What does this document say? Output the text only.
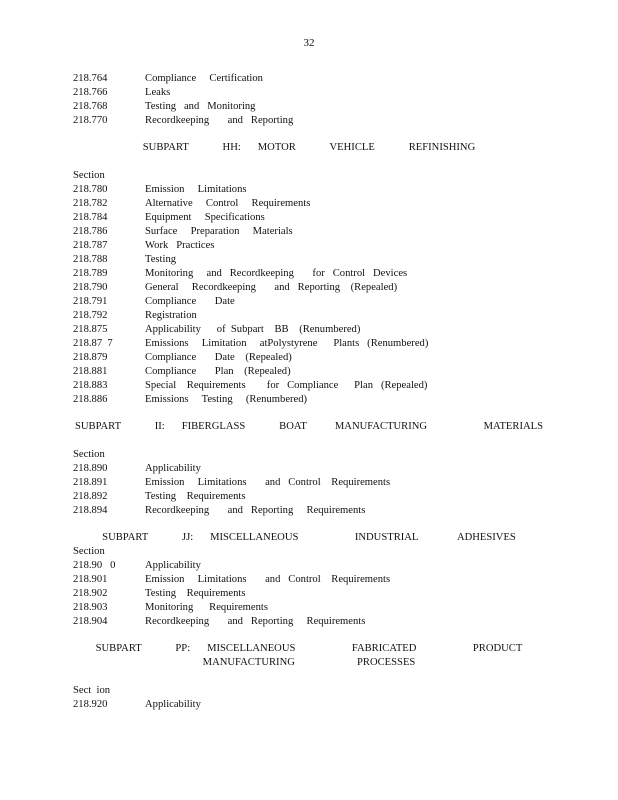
32
218.764	Compliance     Certification
218.766	Leaks
218.768	Testing   and   Monitoring
218.770	Recordkeeping       and   Reporting
SUBPART      HH:   MOTOR      VEHICLE      REFINISHING
Section
218.780	Emission     Limitations
218.782	Alternative     Control     Requirements
218.784	Equipment     Specifications
218.786	Surface     Preparation     Materials
218.787	Work   Practices
218.788	Testing
218.789	Monitoring     and   Recordkeeping       for   Control   Devices
218.790	General     Recordkeeping       and   Reporting    (Repealed)
218.791	Compliance       Date
218.792	Registration
218.875	Applicability      of  Subpart    BB    (Renumbered)
218.87  7	Emissions     Limitation     atPolystyrene      Plants   (Renumbered)
218.879	Compliance       Date    (Repealed)
218.881	Compliance       Plan    (Repealed)
218.883	Special    Requirements        for   Compliance      Plan   (Repealed)
218.886	Emissions     Testing     (Renumbered)
SUBPART      II:   FIBERGLASS      BOAT     MANUFACTURING          MATERIALS
Section
218.890	Applicability
218.891	Emission     Limitations       and   Control    Requirements
218.892	Testing    Requirements
218.894	Recordkeeping       and   Reporting     Requirements
SUBPART      JJ:   MISCELLANEOUS          INDUSTRIAL       ADHESIVES
Section
218.90   0	Applicability
218.901	Emission     Limitations       and   Control    Requirements
218.902	Testing    Requirements
218.903	Monitoring      Requirements
218.904	Recordkeeping       and   Reporting     Requirements
SUBPART      PP:   MISCELLANEOUS          FABRICATED          PRODUCT
MANUFACTURING           PROCESSES
Sect  ion
218.920	Applicability
